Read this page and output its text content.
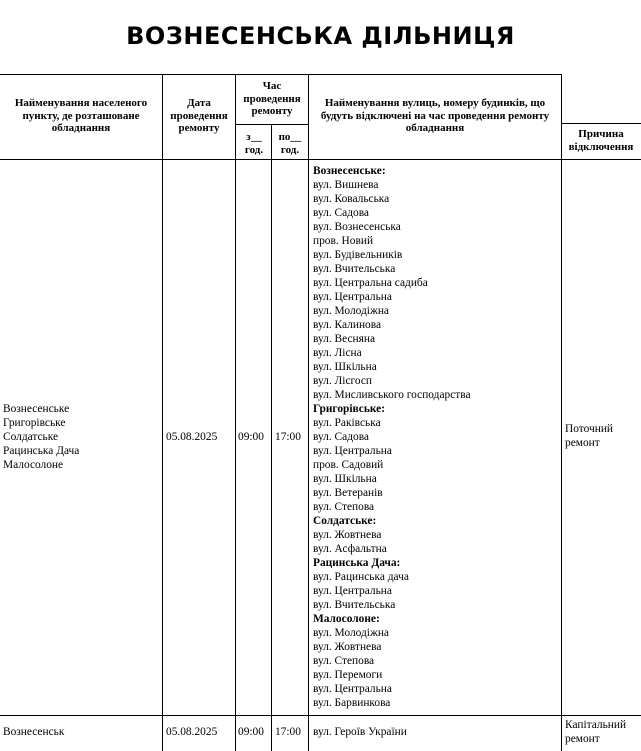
ВОЗНЕСЕНСЬКА ДІЛЬНИЦЯ
Найменування населеного пункту, де розташоване обладнання
Дата проведення ремонту
Час проведення ремонту
з__ год.
по__ год.
Найменування вулиць, номеру будинків, що будуть відключені на час проведення ремонту обладнання	Причина відключення
Вознесенське
Григорівське
Солдатське
Рацинська Дача
Малосолоне
05.08.2025 09:00 17:00
Поточний ремонт
Вознесенське:
вул. Вишнева
вул. Ковальська
вул. Садова
вул. Вознесенська
пров. Новий
вул. Будівельників
вул. Вчительська
вул. Центральна садиба
вул. Центральна
вул. Молодіжна
вул. Калинова
вул. Весняна
вул. Лісна
вул. Шкільна
вул. Лісгосп
вул. Мисливського господарства
Григорівське:
вул. Раківська
вул. Садова
вул. Центральна
пров. Садовий
вул. Шкільна
вул. Ветеранів
вул. Степова
Солдатське:
вул. Жовтнева
вул. Асфальтна
Рацинська Дача:
вул. Рацинська дача
вул. Центральна
вул. Вчительська
Малосолоне:
вул. Молодіжна
вул. Жовтнева
вул. Степова
вул. Перемоги
вул. Центральна
вул. Барвинкова
Вознесенськ	05.08.2025 09:00 17:00 вул. Героїв України
Капітальний ремонт
